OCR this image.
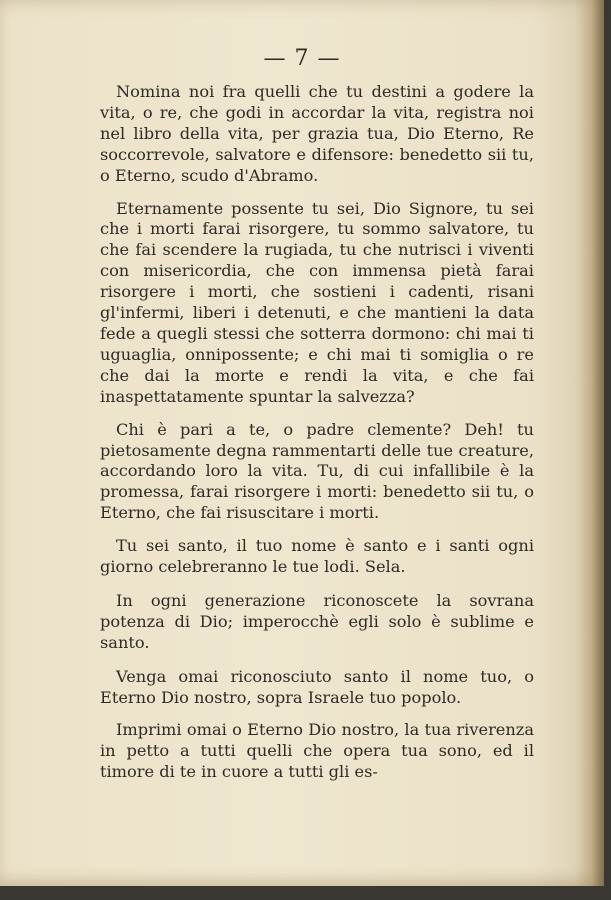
— 7 —

Nomina noi fra quelli che tu destini a godere la vita, o re, che godi in accordar la vita, registra noi nel libro della vita, per grazia tua, Dio Eterno, Re soccorrevole, salvatore e difensore: benedetto sii tu, o Eterno, scudo d'Abramo.

Eternamente possente tu sei, Dio Signore, tu sei che i morti farai risorgere, tu sommo salvatore, tu che fai scendere la rugiada, tu che nutrisci i viventi con misericordia, che con immensa pietà farai risorgere i morti, che sostieni i cadenti, risani gl'infermi, liberi i detenuti, e che mantieni la data fede a quegli stessi che sotterra dormono: chi mai ti uguaglia, onnipossente; e chi mai ti somiglia o re che dai la morte e rendi la vita, e che fai inaspettatamente spuntar la salvezza?

Chi è pari a te, o padre clemente? Deh! tu pietosamente degna rammentarti delle tue creature, accordando loro la vita. Tu, di cui infallibile è la promessa, farai risorgere i morti: benedetto sii tu, o Eterno, che fai risuscitare i morti.

Tu sei santo, il tuo nome è santo e i santi ogni giorno celebreranno le tue lodi. Sela.

In ogni generazione riconoscete la sovrana potenza di Dio; imperocchè egli solo è sublime e santo.

Venga omai riconosciuto santo il nome tuo, o Eterno Dio nostro, sopra Israele tuo popolo.

Imprimi omai o Eterno Dio nostro, la tua riverenza in petto a tutti quelli che opera tua sono, ed il timore di te in cuore a tutti gli es-
